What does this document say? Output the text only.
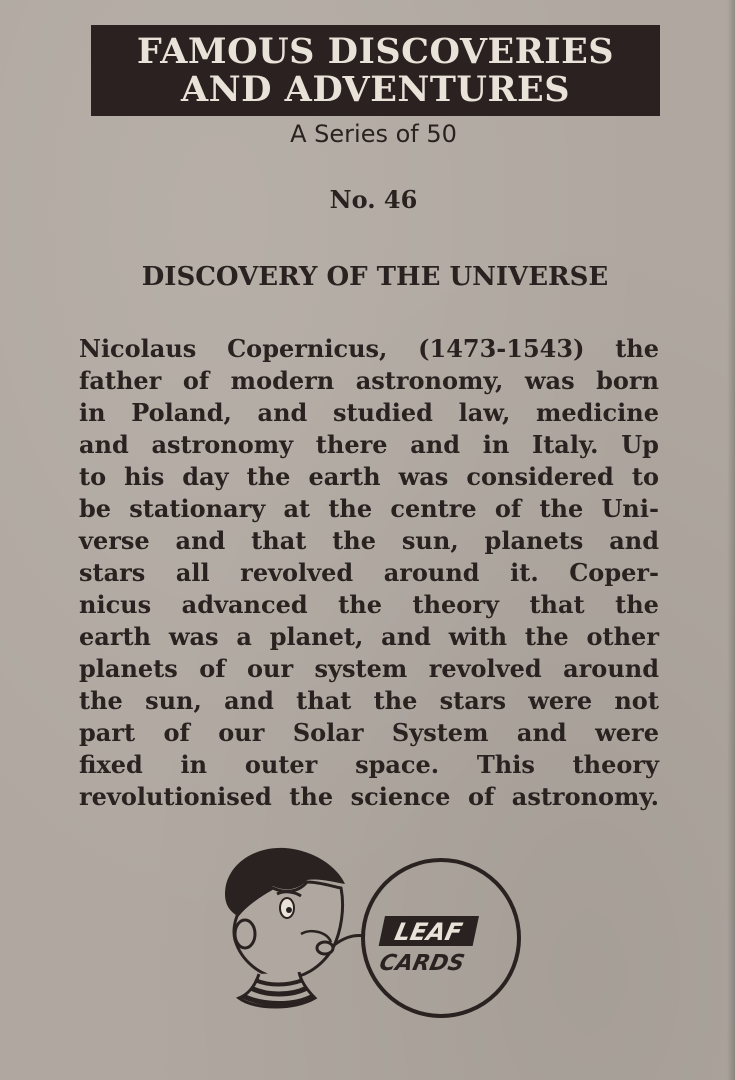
FAMOUS DISCOVERIES
AND ADVENTURES
A Series of 50
No. 46
DISCOVERY OF THE UNIVERSE
Nicolaus Copernicus, (1473-1543) the
father of modern astronomy, was born
in Poland, and studied law, medicine
and astronomy there and in Italy. Up
to his day the earth was considered to
be stationary at the centre of the Uni-
verse and that the sun, planets and
stars all revolved around it. Coper-
nicus advanced the theory that the
earth was a planet, and with the other
planets of our system revolved around
the sun, and that the stars were not
part of our Solar System and were
fixed in outer space. This theory
revolutionised the science of astronomy.
LEAF
CARDS
